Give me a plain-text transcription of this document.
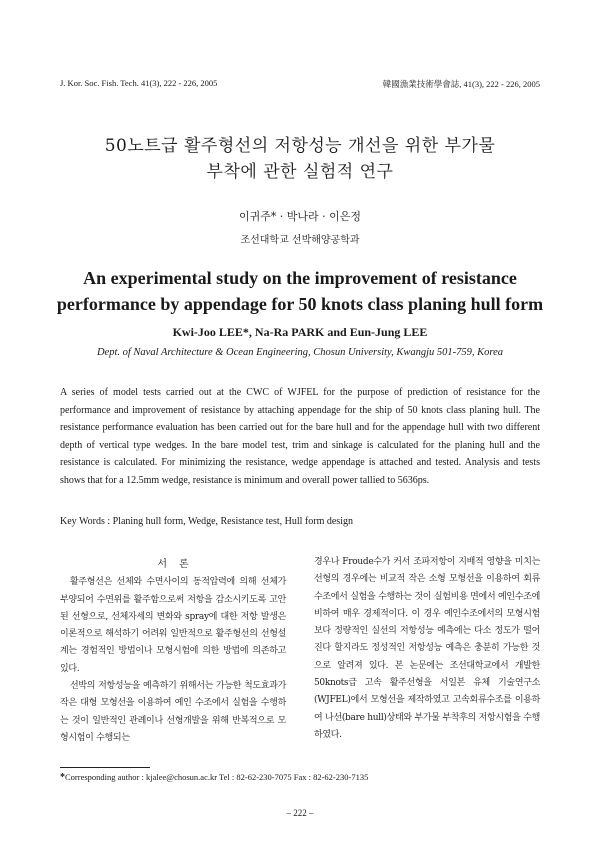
J. Kor. Soc. Fish. Tech. 41(3), 222 - 226, 2005	韓國漁業技術學會誌, 41(3), 222 - 226, 2005
50노트급 활주형선의 저항성능 개선을 위한 부가물
부착에 관한 실험적 연구
이귀주* · 박나라 · 이은정
조선대학교 선박해양공학과
An experimental study on the improvement of resistance
performance by appendage for 50 knots class planing hull form
Kwi-Joo LEE*, Na-Ra PARK and Eun-Jung LEE
Dept. of Naval Architecture & Ocean Engineering, Chosun University, Kwangju 501-759, Korea
A series of model tests carried out at the CWC of WJFEL for the purpose of prediction of resistance for the performance and improvement of resistance by attaching appendage for the ship of 50 knots class planing hull. The resistance performance evaluation has been carried out for the bare hull and for the appendage hull with two different depth of vertical type wedges. In the bare model test, trim and sinkage is calculated for the planing hull and the resistance is calculated. For minimizing the resistance, wedge appendage is attached and tested. Analysis and tests shows that for a 12.5mm wedge, resistance is minimum and overall power tallied to 5636ps.
Key Words : Planing hull form, Wedge, Resistance test, Hull form design
서론

활주형선은 선체와 수면사이의 동적압력에 의해 선체가 부양되어 수면위를 활주함으로써 저항을 감소시키도록 고안된 선형으로, 선체자세의 변화와 spray에 대한 저항 발생은 이론적으로 해석하기 어려워 일반적으로 활주형선의 선형설계는 경험적인 방법이나 모형시험에 의한 방법에 의존하고 있다.

선박의 저항성능을 예측하기 위해서는 가능한 척도효과가 작은 대형 모형선을 이용하여 예인 수조에서 실험을 수행하는 것이 일반적인 관례이나 선형개발을 위해 반복적으로 모형시험이 수행되는

경우나 Froude수가 커서 조파저항이 지배적 영향을 미치는 선형의 경우에는 비교적 작은 소형 모형선을 이용하여 회류 수조에서 실험을 수행하는 것이 실험비용 면에서 예인수조에 비하여 매우 경제적이다. 이 경우 예인수조에서의 모형시험보다 정량적인 실선의 저항성능 예측에는 다소 정도가 떨어진다 할지라도 정성적인 저항성능 예측은 충분히 가능한 것으로 알려져 있다. 본 논문에는 조선대학교에서 개발한 50knots급 고속 활주선형을 서일본 유체 기술연구소(WJFEL)에서 모형선을 제작하였고 고속회류수조를 이용하여 나선(bare hull)상태와 부가물 부착후의 저항시험을 수행하였다.

*Corresponding author : kjalee@chosun.ac.kr Tel : 82-62-230-7075 Fax : 82-62-230-7135
– 222 –
